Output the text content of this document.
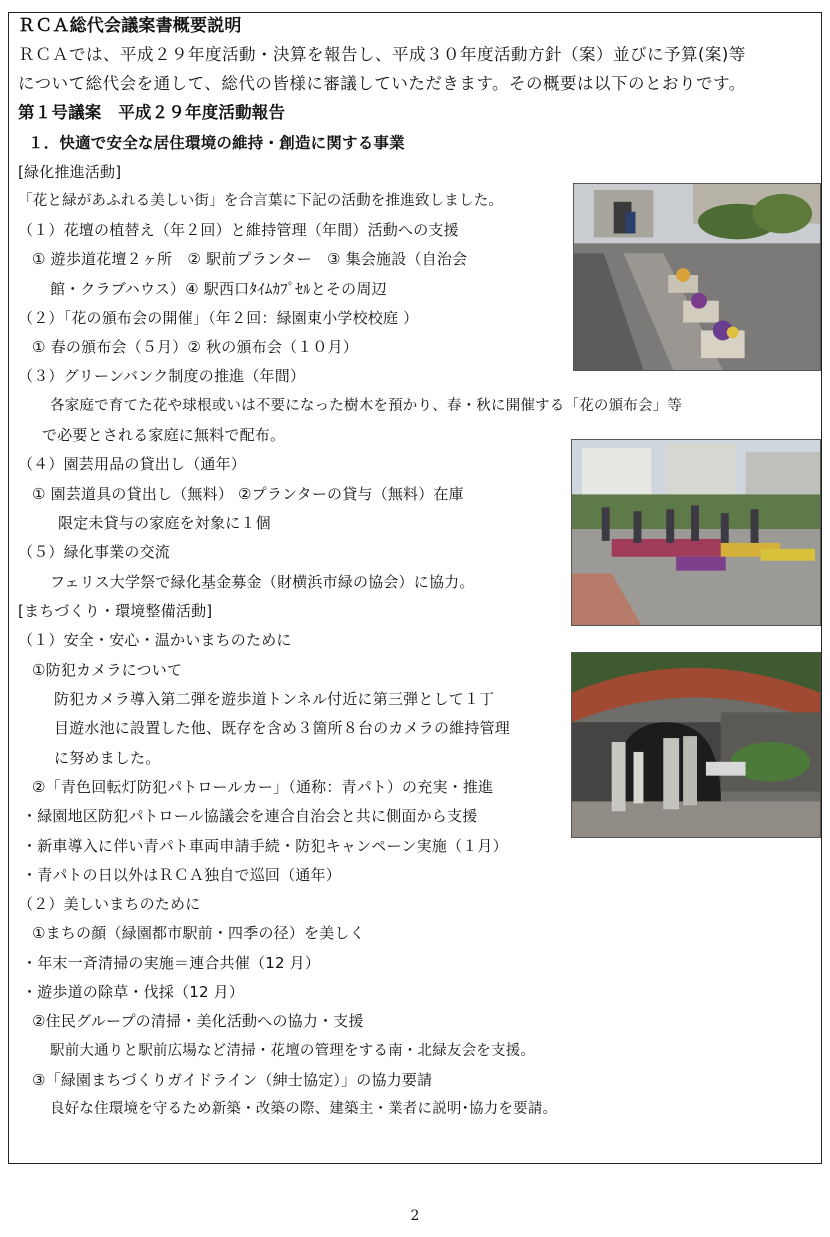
ＲＣＡ総代会議案書概要説明
ＲＣＡでは、平成２９年度活動・決算を報告し、平成３０年度活動方針（案）並びに予算(案)等
について総代会を通して、総代の皆様に審議していただきます。その概要は以下のとおりです。
第１号議案　平成２９年度活動報告
１．快適で安全な居住環境の維持・創造に関する事業
[緑化推進活動]
「花と緑があふれる美しい街」を合言葉に下記の活動を推進致しました。
（１）花壇の植替え（年２回）と維持管理（年間）活動への支援
① 遊歩道花壇２ヶ所　② 駅前プランター　③ 集会施設（自治会
館・クラブハウス）④ 駅西口ﾀｲﾑｶﾌﾟｾﾙとその周辺
（２）「花の頒布会の開催」（年２回：緑園東小学校校庭 ）
① 春の頒布会（５月）② 秋の頒布会（１０月）
（３）グリーンバンク制度の推進（年間）
各家庭で育てた花や球根或いは不要になった樹木を預かり、春・秋に開催する「花の頒布会」等
で必要とされる家庭に無料で配布。
（４）園芸用品の貸出し（通年）
① 園芸道具の貸出し（無料） ②プランターの貸与（無料）在庫
限定未貸与の家庭を対象に１個
（５）緑化事業の交流
フェリス大学祭で緑化基金募金（財横浜市緑の協会）に協力。
[まちづくり・環境整備活動]
（１）安全・安心・温かいまちのために
①防犯カメラについて
防犯カメラ導入第二弾を遊歩道トンネル付近に第三弾として１丁
目遊水池に設置した他、既存を含め３箇所８台のカメラの維持管理
に努めました。
②「青色回転灯防犯パトロールカー」（通称：青パト）の充実・推進
・緑園地区防犯パトロール協議会を連合自治会と共に側面から支援
・新車導入に伴い青パト車両申請手続・防犯キャンペーン実施（１月）
・青パトの日以外はＲＣＡ独自で巡回（通年）
（２）美しいまちのために
①まちの顔（緑園都市駅前・四季の径）を美しく
・年末一斉清掃の実施＝連合共催（12 月）
・遊歩道の除草・伐採（12 月）
②住民グループの清掃・美化活動への協力・支援
駅前大通りと駅前広場など清掃・花壇の管理をする南・北緑友会を支援。
③「緑園まちづくりガイドライン（紳士協定）」の協力要請
良好な住環境を守るため新築・改築の際、建築主・業者に説明･協力を要請。
2
